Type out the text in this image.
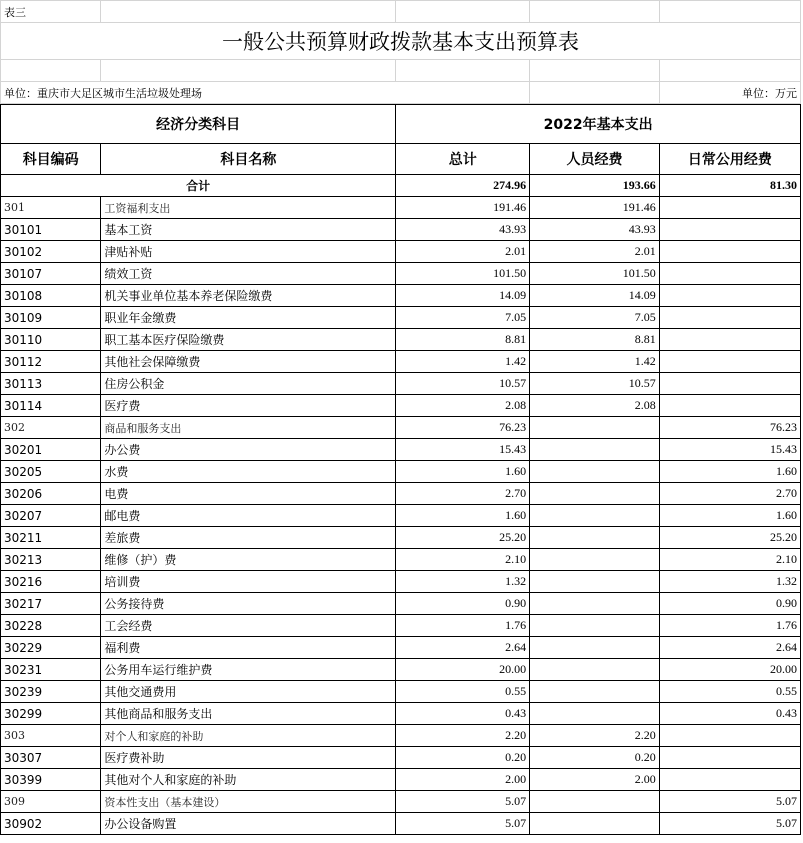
表三				
一般公共预算财政拨款基本支出预算表				

单位：重庆市大足区城市生活垃圾处理场				单位：万元
经济分类科目		2022年基本支出		
科目编码	科目名称	总计	人员经费	日常公用经费
合计		274.96	193.66	81.30
301	工资福利支出	191.46	191.46	
30101	基本工资	43.93	43.93	
30102	津贴补贴	2.01	2.01	
30107	绩效工资	101.50	101.50	
30108	机关事业单位基本养老保险缴费	14.09	14.09	
30109	职业年金缴费	7.05	7.05	
30110	职工基本医疗保险缴费	8.81	8.81	
30112	其他社会保障缴费	1.42	1.42	
30113	住房公积金	10.57	10.57	
30114	医疗费	2.08	2.08	
302	商品和服务支出	76.23		76.23
30201	办公费	15.43		15.43
30205	水费	1.60		1.60
30206	电费	2.70		2.70
30207	邮电费	1.60		1.60
30211	差旅费	25.20		25.20
30213	维修（护）费	2.10		2.10
30216	培训费	1.32		1.32
30217	公务接待费	0.90		0.90
30228	工会经费	1.76		1.76
30229	福利费	2.64		2.64
30231	公务用车运行维护费	20.00		20.00
30239	其他交通费用	0.55		0.55
30299	其他商品和服务支出	0.43		0.43
303	对个人和家庭的补助	2.20	2.20	
30307	医疗费补助	0.20	0.20	
30399	其他对个人和家庭的补助	2.00	2.00	
309	资本性支出（基本建设）	5.07		5.07
30902	办公设备购置	5.07		5.07
